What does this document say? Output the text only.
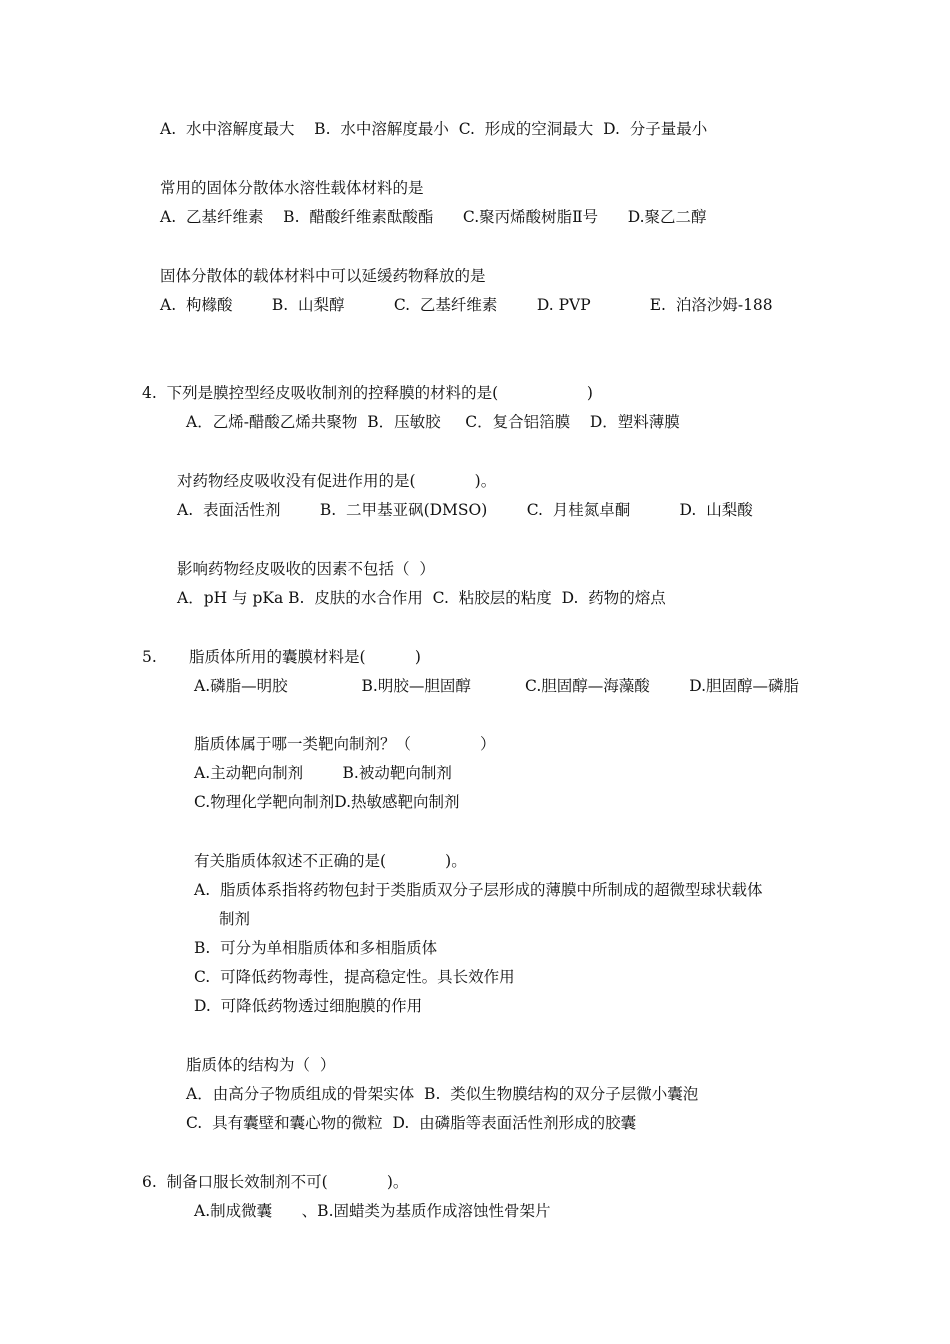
A.  水中溶解度最大    B.  水中溶解度最小  C.  形成的空洞最大  D.  分子量最小
常用的固体分散体水溶性载体材料的是
A.  乙基纤维素    B.  醋酸纤维素酞酸酯      C.聚丙烯酸树脂Ⅱ号      D.聚乙二醇
固体分散体的载体材料中可以延缓药物释放的是
A.  枸橼酸        B.  山梨醇          C.  乙基纤维素        D. PVP            E.  泊洛沙姆-188
4.  下列是膜控型经皮吸收制剂的控释膜的材料的是(                  )
A．乙烯-醋酸乙烯共聚物  B．压敏胶     C．复合铝箔膜    D．塑料薄膜
对药物经皮吸收没有促进作用的是(            )。
A.  表面活性剂        B.  二甲基亚砜(DMSO)        C.  月桂氮卓酮          D.  山梨酸
影响药物经皮吸收的因素不包括（  ）
A．pH 与 pKa B.  皮肤的水合作用  C.  粘胶层的粘度  D.  药物的熔点
5. 脂质体所用的囊膜材料是(          )
A.磷脂—明胶               B.明胶—胆固醇           C.胆固醇—海藻酸        D.胆固醇—磷脂
脂质体属于哪一类靶向制剂？（              ）
A.主动靶向制剂        B.被动靶向制剂
C.物理化学靶向制剂D.热敏感靶向制剂
有关脂质体叙述不正确的是(            )。
A.  脂质体系指将药物包封于类脂质双分子层形成的薄膜中所制成的超微型球状载体
制剂
B.  可分为单相脂质体和多相脂质体
C.  可降低药物毒性，提高稳定性。具长效作用
D.  可降低药物透过细胞膜的作用
脂质体的结构为（  ）
A．由高分子物质组成的骨架实体  B.  类似生物膜结构的双分子层微小囊泡
C.  具有囊壁和囊心物的微粒  D.  由磷脂等表面活性剂形成的胶囊
6.  制备口服长效制剂不可(            )。
A.制成微囊      、B.固蜡类为基质作成溶蚀性骨架片
